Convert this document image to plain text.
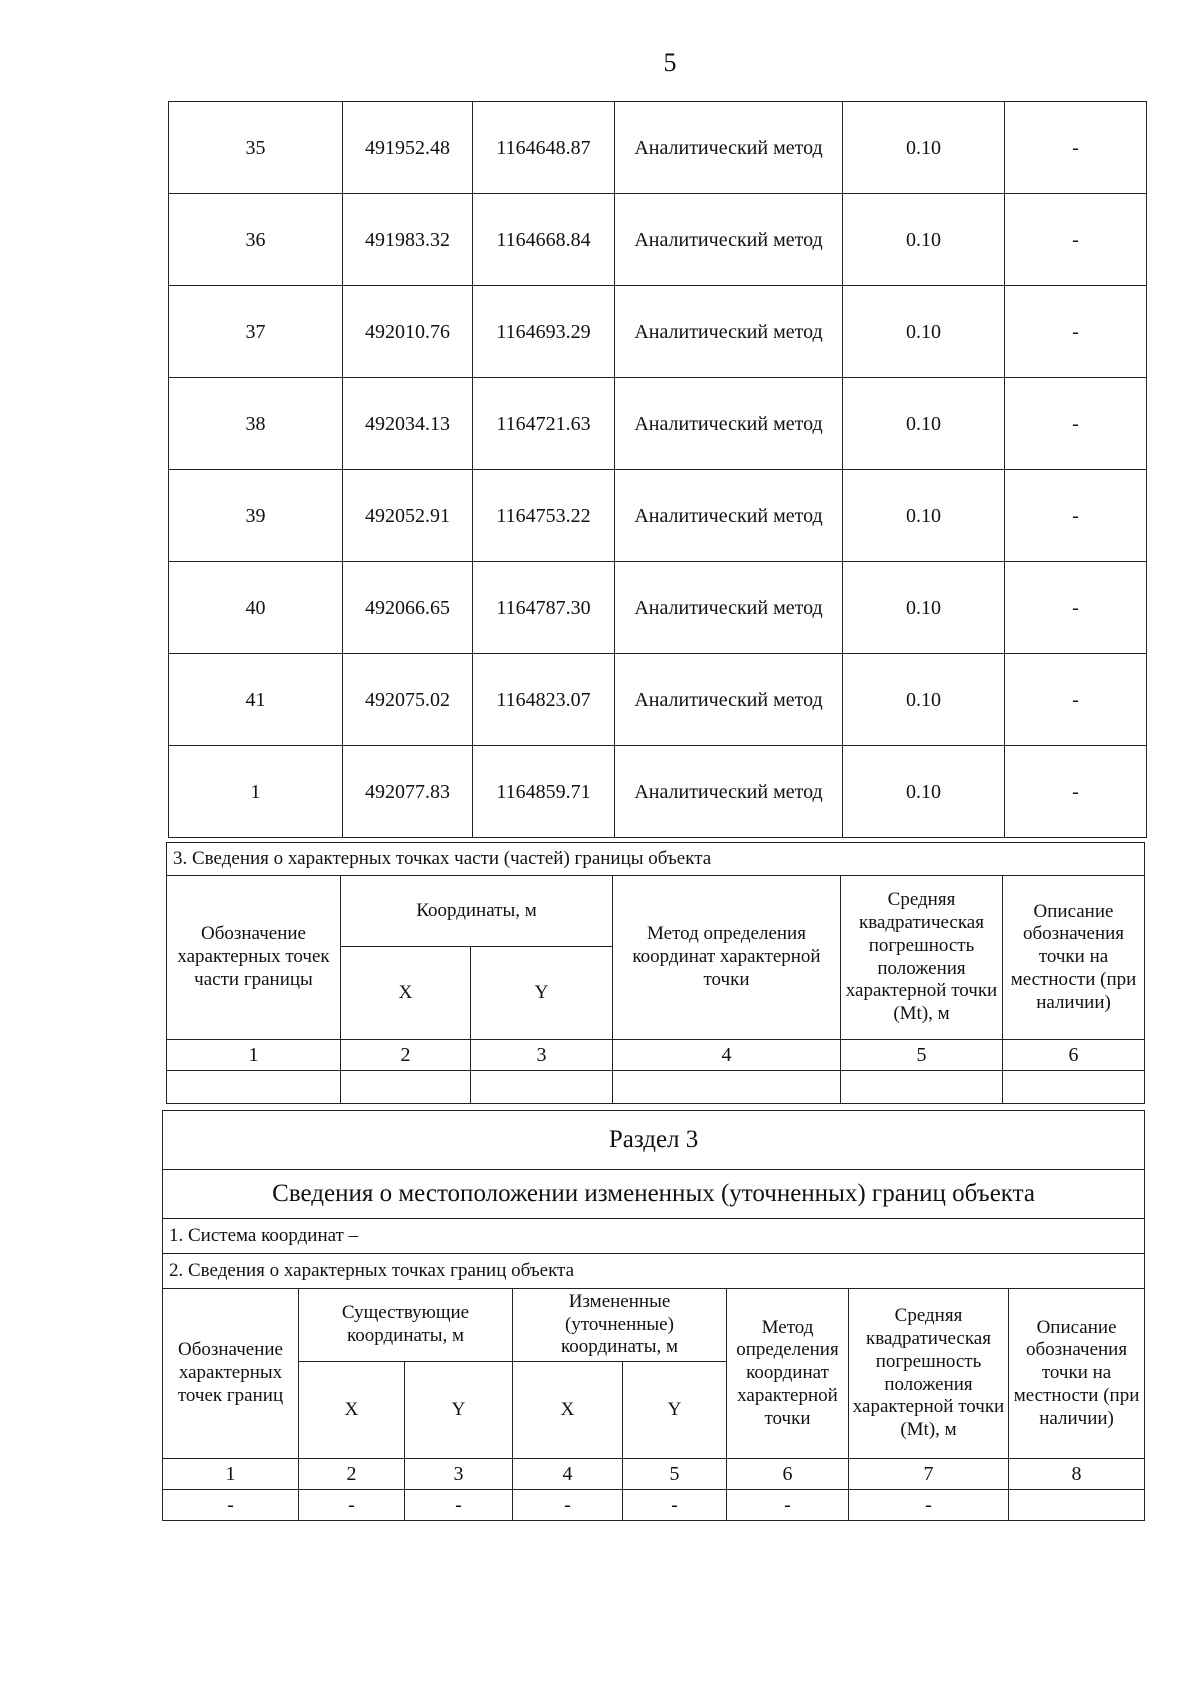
5
35	491952.48	1164648.87	Аналитический метод	0.10	-
36	491983.32	1164668.84	Аналитический метод	0.10	-
37	492010.76	1164693.29	Аналитический метод	0.10	-
38	492034.13	1164721.63	Аналитический метод	0.10	-
39	492052.91	1164753.22	Аналитический метод	0.10	-
40	492066.65	1164787.30	Аналитический метод	0.10	-
41	492075.02	1164823.07	Аналитический метод	0.10	-
1	492077.83	1164859.71	Аналитический метод	0.10	-
3. Сведения о характерных точках части (частей) границы объекта					
Обозначение характерных точек части границы	Координаты, м		Метод определения координат характерной точки	Средняя квадратическая погрешность положения характерной точки (Mt), м	Описание обозначения точки на местности (при наличии)
	X	Y			
1	2	3	4	5	6

Раздел 3							
Сведения о местоположении измененных (уточненных) границ объекта							
1. Система координат –							
2. Сведения о характерных точках границ объекта							
Обозначение характерных точек границ	Существующие координаты, м		Измененные (уточненные) координаты, м		Метод определения координат характерной точки	Средняя квадратическая погрешность положения характерной точки (Mt), м	Описание обозначения точки на местности (при наличии)
	X	Y	X	Y			
1	2	3	4	5	6	7	8
-	-	-	-	-	-	-	
